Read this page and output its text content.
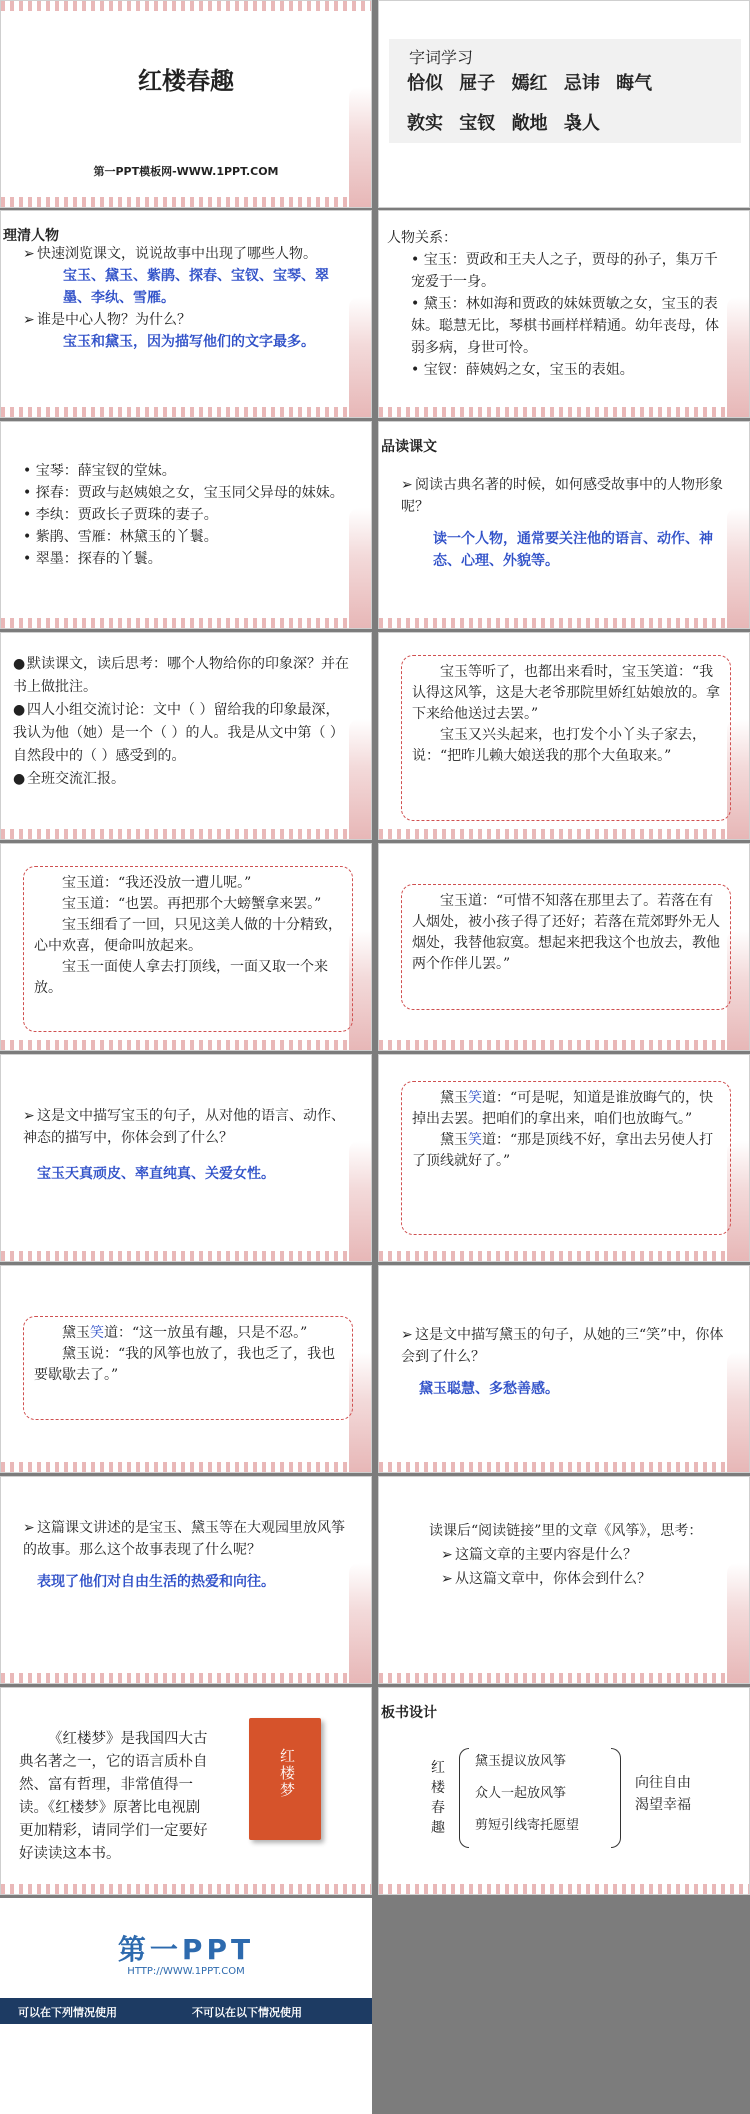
红楼春趣
第一PPT模板网-WWW.1PPT.COM
字词学习
恰似 屉子 嫣红 忌讳 晦气
敦实 宝钗 敞地 袅人
理清人物

➢ 快速浏览课文，说说故事中出现了哪些人物。

宝玉、黛玉、紫鹃、探春、宝钗、宝琴、翠墨、李纨、雪雁。

➢ 谁是中心人物？为什么？

宝玉和黛玉，因为描写他们的文字最多。

人物关系：

• 宝玉：贾政和王夫人之子，贾母的孙子，集万千宠爱于一身。

• 黛玉：林如海和贾政的妹妹贾敏之女，宝玉的表妹。聪慧无比，琴棋书画样样精通。幼年丧母，体弱多病，身世可怜。

• 宝钗：薛姨妈之女，宝玉的表姐。

• 宝琴：薛宝钗的堂妹。

• 探春：贾政与赵姨娘之女，宝玉同父异母的妹妹。

• 李纨：贾政长子贾珠的妻子。

• 紫鹃、雪雁：林黛玉的丫鬟。

• 翠墨：探春的丫鬟。

品读课文

➢ 阅读古典名著的时候，如何感受故事中的人物形象呢？

读一个人物，通常要关注他的语言、动作、神态、心理、外貌等。

● 默读课文，读后思考：哪个人物给你的印象深？并在书上做批注。

● 四人小组交流讨论：文中（ ）留给我的印象最深，我认为他（她）是一个（ ）的人。我是从文中第（ ）自然段中的（ ）感受到的。

● 全班交流汇报。

宝玉等听了，也都出来看时，宝玉笑道：“我认得这风筝，这是大老爷那院里娇红姑娘放的。拿下来给他送过去罢。”

宝玉又兴头起来，也打发个小丫头子家去，说：“把昨儿赖大娘送我的那个大鱼取来。”

宝玉道：“我还没放一遭儿呢。”

宝玉道：“也罢。再把那个大螃蟹拿来罢。”

宝玉细看了一回，只见这美人做的十分精致，心中欢喜，便命叫放起来。

宝玉一面使人拿去打顶线，一面又取一个来放。

宝玉道：“可惜不知落在那里去了。若落在有人烟处，被小孩子得了还好；若落在荒郊野外无人烟处，我替他寂寞。想起来把我这个也放去，教他两个作伴儿罢。”

➢ 这是文中描写宝玉的句子，从对他的语言、动作、神态的描写中，你体会到了什么？

宝玉天真顽皮、率直纯真、关爱女性。

黛玉笑道：“可是呢，知道是谁放晦气的，快掉出去罢。把咱们的拿出来，咱们也放晦气。”

黛玉笑道：“那是顶线不好，拿出去另使人打了顶线就好了。”

黛玉笑道：“这一放虽有趣，只是不忍。”

黛玉说：“我的风筝也放了，我也乏了，我也要歇歇去了。”

➢ 这是文中描写黛玉的句子，从她的三“笑”中，你体会到了什么？

黛玉聪慧、多愁善感。

➢ 这篇课文讲述的是宝玉、黛玉等在大观园里放风筝的故事。那么这个故事表现了什么呢？

表现了他们对自由生活的热爱和向往。

读课后“阅读链接”里的文章《风筝》，思考：

➢ 这篇文章的主要内容是什么？

➢ 从这篇文章中，你体会到什么？

《红楼梦》是我国四大古典名著之一，它的语言质朴自然、富有哲理，非常值得一读。《红楼梦》原著比电视剧更加精彩，请同学们一定要好好读读这本书。

红楼梦
板书设计
红楼春趣

黛玉提议放风筝

众人一起放风筝

剪短引线寄托愿望

向往自由

渴望幸福

第一PPT
HTTP://WWW.1PPT.COM
可以在下列情况使用	不可以在以下情况使用
